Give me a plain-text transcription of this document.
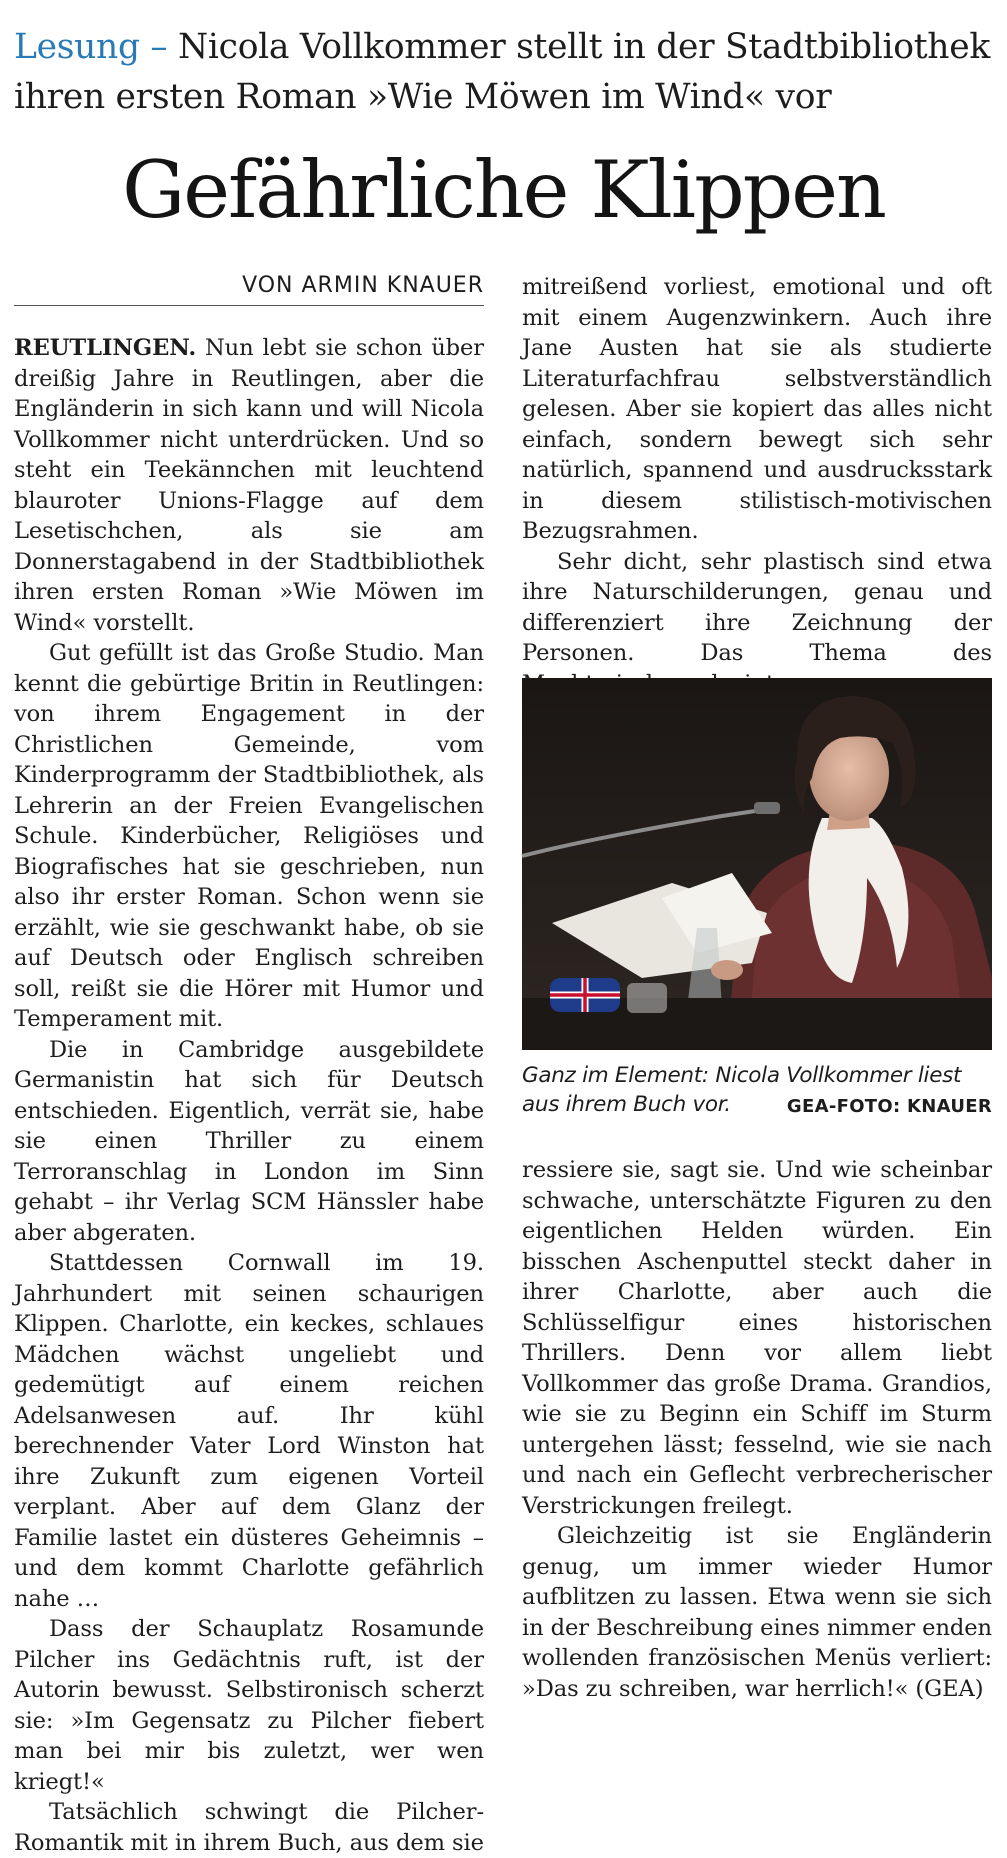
Lesung – Nicola Vollkommer stellt in der Stadtbibliothek ihren ersten Roman »Wie Möwen im Wind« vor
Gefährliche Klippen
VON ARMIN KNAUER

REUTLINGEN. Nun lebt sie schon über dreißig Jahre in Reutlingen, aber die Engländerin in sich kann und will Nicola Vollkommer nicht unterdrücken. Und so steht ein Teekännchen mit leuchtend blauroter Unions-Flagge auf dem Lesetischchen, als sie am Donnerstagabend in der Stadtbibliothek ihren ersten Roman »Wie Möwen im Wind« vorstellt.

Gut gefüllt ist das Große Studio. Man kennt die gebürtige Britin in Reutlingen: von ihrem Engagement in der Christlichen Gemeinde, vom Kinderprogramm der Stadtbibliothek, als Lehrerin an der Freien Evangelischen Schule. Kinderbücher, Religiöses und Biografisches hat sie geschrieben, nun also ihr erster Roman. Schon wenn sie erzählt, wie sie geschwankt habe, ob sie auf Deutsch oder Englisch schreiben soll, reißt sie die Hörer mit Humor und Temperament mit.

Die in Cambridge ausgebildete Germanistin hat sich für Deutsch entschieden. Eigentlich, verrät sie, habe sie einen Thriller zu einem Terroranschlag in London im Sinn gehabt – ihr Verlag SCM Hänssler habe aber abgeraten.

Stattdessen Cornwall im 19. Jahrhundert mit seinen schaurigen Klippen. Charlotte, ein keckes, schlaues Mädchen wächst ungeliebt und gedemütigt auf einem reichen Adelsanwesen auf. Ihr kühl berechnender Vater Lord Winston hat ihre Zukunft zum eigenen Vorteil verplant. Aber auf dem Glanz der Familie lastet ein düsteres Geheimnis – und dem kommt Charlotte gefährlich nahe …

Dass der Schauplatz Rosamunde Pilcher ins Gedächtnis ruft, ist der Autorin bewusst. Selbstironisch scherzt sie: »Im Gegensatz zu Pilcher fiebert man bei mir bis zuletzt, wer wen kriegt!«

Tatsächlich schwingt die Pilcher-Romantik mit in ihrem Buch, aus dem sie

mitreißend vorliest, emotional und oft mit einem Augenzwinkern. Auch ihre Jane Austen hat sie als studierte Literaturfachfrau selbstverständlich gelesen. Aber sie kopiert das alles nicht einfach, sondern bewegt sich sehr natürlich, spannend und ausdrucksstark in diesem stilistisch-motivischen Bezugsrahmen.

Sehr dicht, sehr plastisch sind etwa ihre Naturschilderungen, genau und differenziert ihre Zeichnung der Personen. Das Thema des

Ganz im Element: Nicola Vollkommer liest aus ihrem Buch vor.	GEA-FOTO: KNAUER

ressiere sie, sagt sie. Und wie scheinbar schwache, unterschätzte Figuren zu den eigentlichen Helden würden. Ein bisschen Aschenputtel steckt daher in ihrer Charlotte, aber auch die Schlüsselfigur eines historischen Thrillers. Denn vor allem liebt Vollkommer das große Drama. Grandios, wie sie zu Beginn ein Schiff im Sturm untergehen lässt; fesselnd, wie sie nach und nach ein Geflecht verbrecherischer Verstrickungen freilegt.

Gleichzeitig ist sie Engländerin genug, um immer wieder Humor aufblitzen zu lassen. Etwa wenn sie sich in der Beschreibung eines nimmer enden wollenden französischen Menüs verliert: »Das zu schreiben, war herrlich!« (GEA)
